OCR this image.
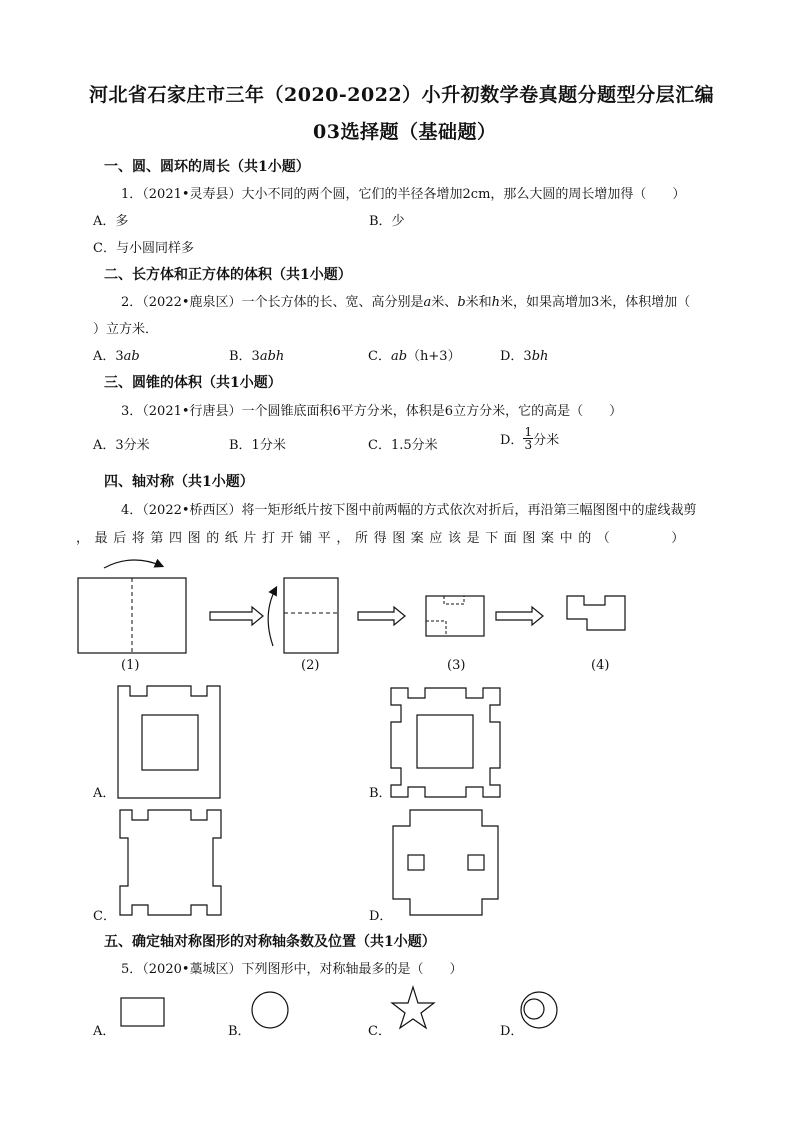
河北省石家庄市三年（2020-2022）小升初数学卷真题分题型分层汇编
03选择题（基础题）
一、圆、圆环的周长（共1小题）
1．（2021•灵寿县）大小不同的两个圆，它们的半径各增加2cm，那么大圆的周长增加得（　　）
A．多	B．少
C．与小圆同样多
二、长方体和正方体的体积（共1小题）
2．（2022•鹿泉区）一个长方体的长、宽、高分别是a米、b米和h米，如果高增加3米，体积增加（
）立方米．
A．3ab	B．3abh	C．ab（h+3）	D．3bh
三、圆锥的体积（共1小题）
3．（2021•行唐县）一个圆锥底面积6平方分米，体积是6立方分米，它的高是（　　）
A．3分米	B．1分米	C．1.5分米	D． $\frac{1}{3}$ 分米
四、轴对称（共1小题）
4．（2022•桥西区）将一矩形纸片按下图中前两幅的方式依次对折后，再沿第三幅图图中的虚线裁剪
，最后将第四图的纸片打开铺平，所得图案应该是下面图案中的（　　　）
(1)	(2)	(3)	(4)
A．	B．
C．	D．
五、确定轴对称图形的对称轴条数及位置（共1小题）
5．（2020•藁城区）下列图形中，对称轴最多的是（　　）
A．	B．	C．	D．
